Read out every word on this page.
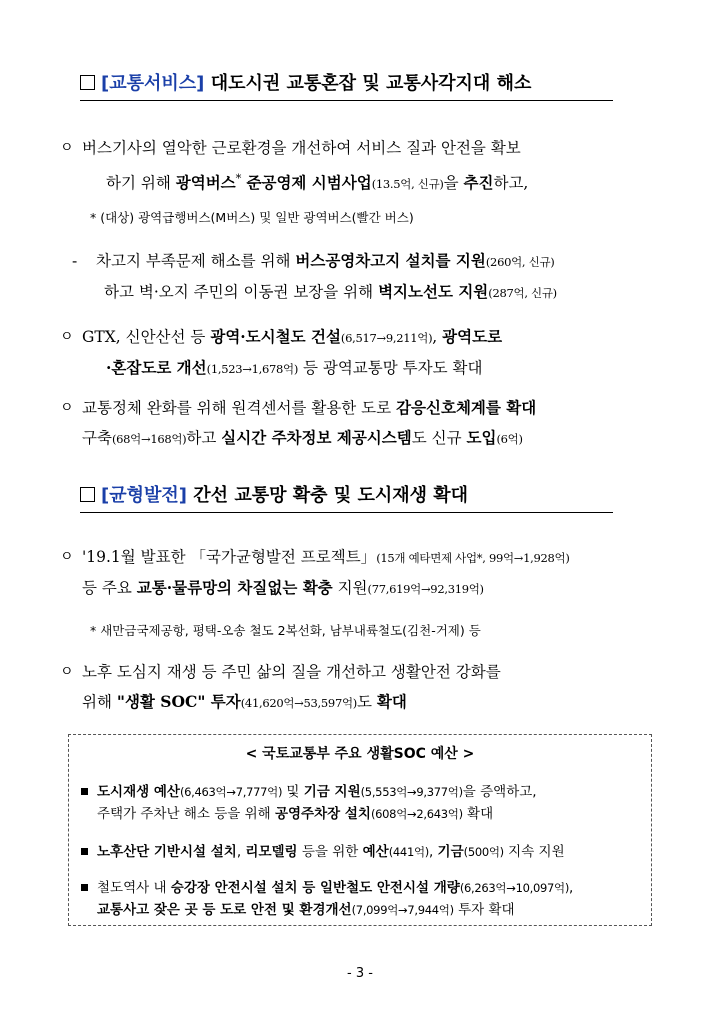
[교통서비스] 대도시권 교통혼잡 및 교통사각지대 해소
ㅇ 버스기사의 열악한 근로환경을 개선하여 서비스 질과 안전을 확보
하기 위해 광역버스* 준공영제 시범사업(13.5억, 신규)을 추진하고,
* (대상) 광역급행버스(M버스) 및 일반 광역버스(빨간 버스)
-	차고지 부족문제 해소를 위해 버스공영차고지 설치를 지원(260억, 신규)
하고 벽·오지 주민의 이동권 보장을 위해 벽지노선도 지원(287억, 신규)
ㅇ GTX, 신안산선 등 광역·도시철도 건설(6,517→9,211억), 광역도로
·혼잡도로 개선(1,523→1,678억) 등 광역교통망 투자도 확대
ㅇ 교통정체 완화를 위해 원격센서를 활용한 도로 감응신호체계를 확대
구축(68억→168억)하고 실시간 주차정보 제공시스템도 신규 도입(6억)
[균형발전] 간선 교통망 확충 및 도시재생 확대
ㅇ '19.1월 발표한 「국가균형발전 프로젝트」(15개 예타면제 사업*, 99억→1,928억)
등 주요 교통·물류망의 차질없는 확충 지원(77,619억→92,319억)
* 새만금국제공항, 평택-오송 철도 2복선화, 남부내륙철도(김천-거제) 등
ㅇ 노후 도심지 재생 등 주민 삶의 질을 개선하고 생활안전 강화를
위해 "생활 SOC" 투자(41,620억→53,597억)도 확대
< 국토교통부 주요 생활SOC 예산 >
도시재생 예산(6,463억→7,777억) 및 기금 지원(5,553억→9,377억)을 증액하고,
주택가 주차난 해소 등을 위해 공영주차장 설치(608억→2,643억) 확대
노후산단 기반시설 설치, 리모델링 등을 위한 예산(441억), 기금(500억) 지속 지원
철도역사 내 승강장 안전시설 설치 등 일반철도 안전시설 개량(6,263억→10,097억),
교통사고 잦은 곳 등 도로 안전 및 환경개선(7,099억→7,944억) 투자 확대
- 3 -
